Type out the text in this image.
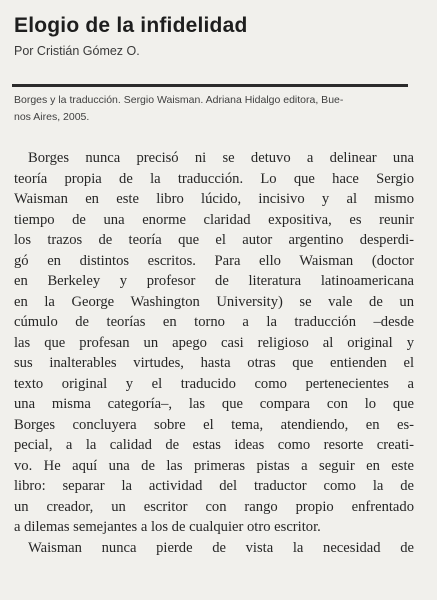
Elogio de la infidelidad
Por Cristián Gómez O.
Borges y la traducción. Sergio Waisman. Adriana Hidalgo editora, Bue-
nos Aires, 2005.
Borges nunca precisó ni se detuvo a delinear una
teoría propia de la traducción. Lo que hace Sergio
Waisman en este libro lúcido, incisivo y al mismo
tiempo de una enorme claridad expositiva, es reunir
los trazos de teoría que el autor argentino desperdi-
gó en distintos escritos. Para ello Waisman (doctor
en Berkeley y profesor de literatura latinoamericana
en la George Washington University) se vale de un
cúmulo de teorías en torno a la traducción –desde
las que profesan un apego casi religioso al original y
sus inalterables virtudes, hasta otras que entienden el
texto original y el traducido como pertenecientes a
una misma categoría–, las que compara con lo que
Borges concluyera sobre el tema, atendiendo, en es-
pecial, a la calidad de estas ideas como resorte creati-
vo. He aquí una de las primeras pistas a seguir en este
libro: separar la actividad del traductor como la de
un creador, un escritor con rango propio enfrentado
a dilemas semejantes a los de cualquier otro escritor.
Waisman nunca pierde de vista la necesidad de
